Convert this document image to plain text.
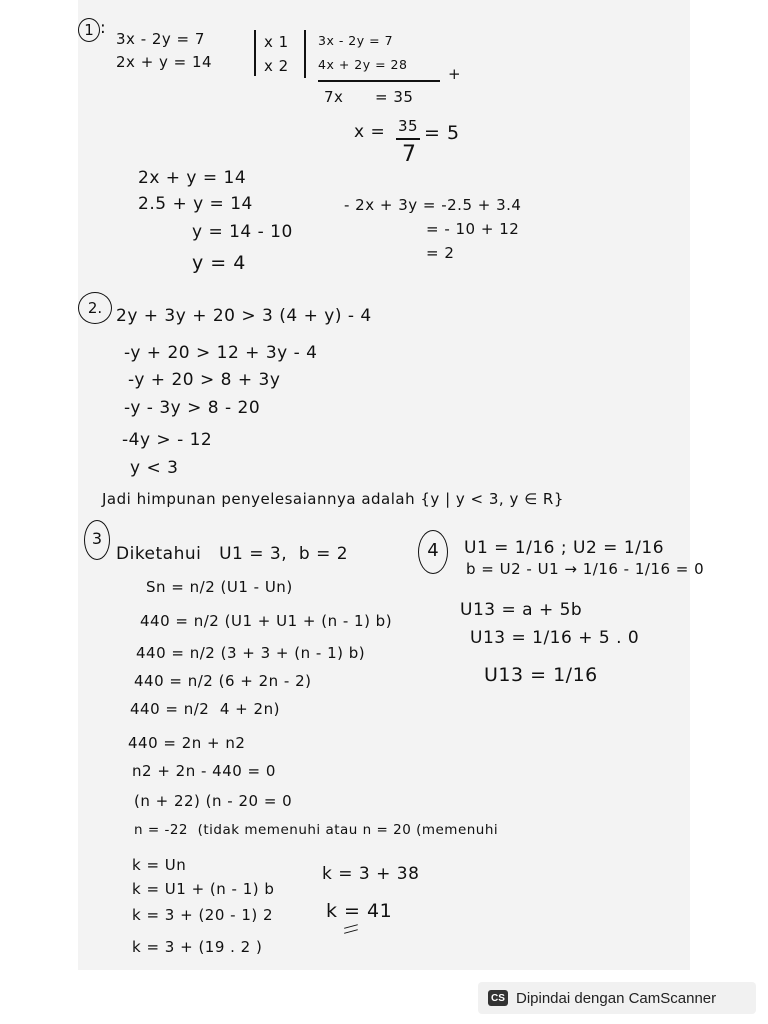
1 :
3x - 2y = 7
2x + y = 14
x 1
x 2
3x - 2y = 7
4x + 2y = 28
+
7x      = 35
x = 35
7
= 5
2x + y = 14
2.5 + y = 14
y = 14 - 10
y = 4
- 2x + 3y = -2.5 + 3.4
= - 10 + 12
= 2
2. 2y + 3y + 20 > 3 (4 + y) - 4
-y + 20 > 12 + 3y - 4
-y + 20 > 8 + 3y
-y - 3y > 8 - 20
-4y > - 12
y < 3
Jadi himpunan penyelesaiannya adalah {y | y < 3, y ∈ R}
3
Diketahui   U1 = 3,  b = 2
Sn = n/2 (U1 - Un)
440 = n/2 (U1 + U1 + (n - 1) b)
440 = n/2 (3 + 3 + (n - 1) b)
440 = n/2 (6 + 2n - 2)
440 = n/2  4 + 2n)
440 = 2n + n2
n2 + 2n - 440 = 0
(n + 22) (n - 20 = 0
n = -22  (tidak memenuhi atau n = 20 (memenuhi
k = Un
k = U1 + (n - 1) b
k = 3 + (20 - 1) 2
k = 3 + (19 . 2 )
k = 3 + 38
k = 41
4	U1 = 1/16 ; U2 = 1/16
b = U2 - U1 → 1/16 - 1/16 = 0
U13 = a + 5b
U13 = 1/16 + 5 . 0
U13 = 1/16
CS Dipindai dengan CamScanner
